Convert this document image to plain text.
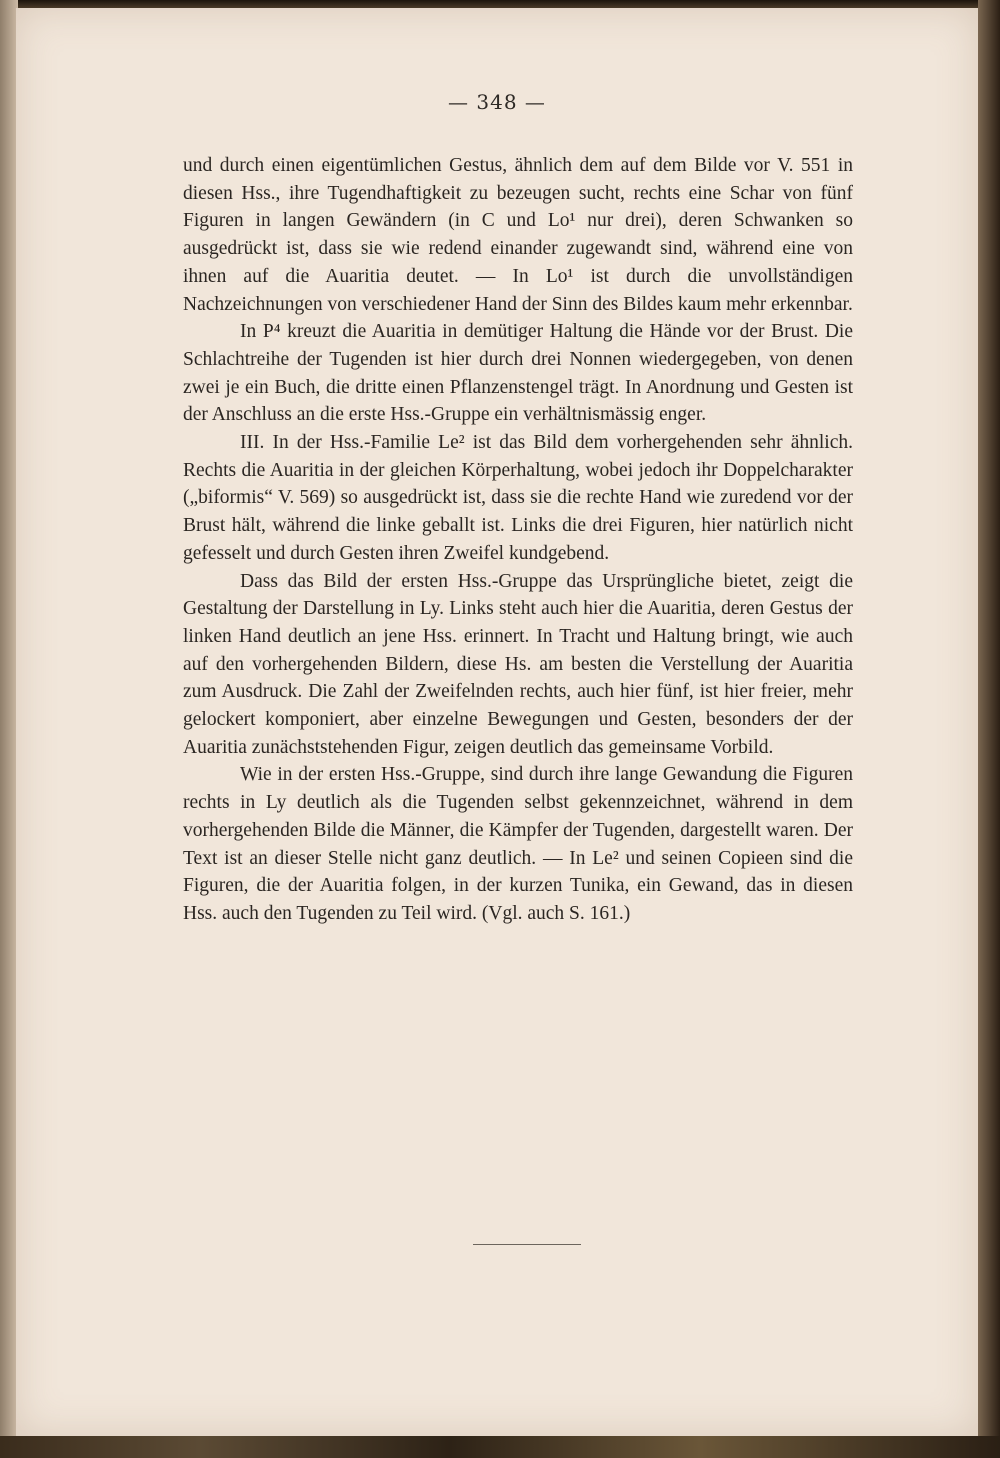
— 348 —

und durch einen eigentümlichen Gestus, ähnlich dem auf dem Bilde vor V. 551 in diesen Hss., ihre Tugendhaftigkeit zu bezeugen sucht, rechts eine Schar von fünf Figuren in langen Gewändern (in C und Lo¹ nur drei), deren Schwanken so ausgedrückt ist, dass sie wie redend einander zugewandt sind, während eine von ihnen auf die Auaritia deutet. — In Lo¹ ist durch die unvollständigen Nachzeichnungen von verschiedener Hand der Sinn des Bildes kaum mehr erkennbar.

In P⁴ kreuzt die Auaritia in demütiger Haltung die Hände vor der Brust. Die Schlachtreihe der Tugenden ist hier durch drei Nonnen wiedergegeben, von denen zwei je ein Buch, die dritte einen Pflanzenstengel trägt. In Anordnung und Gesten ist der Anschluss an die erste Hss.-Gruppe ein verhältnismässig enger.

III. In der Hss.-Familie Le² ist das Bild dem vorhergehenden sehr ähnlich. Rechts die Auaritia in der gleichen Körperhaltung, wobei jedoch ihr Doppelcharakter („biformis“ V. 569) so ausgedrückt ist, dass sie die rechte Hand wie zuredend vor der Brust hält, während die linke geballt ist. Links die drei Figuren, hier natürlich nicht gefesselt und durch Gesten ihren Zweifel kundgebend.

Dass das Bild der ersten Hss.-Gruppe das Ursprüngliche bietet, zeigt die Gestaltung der Darstellung in Ly. Links steht auch hier die Auaritia, deren Gestus der linken Hand deutlich an jene Hss. erinnert. In Tracht und Haltung bringt, wie auch auf den vorhergehenden Bildern, diese Hs. am besten die Verstellung der Auaritia zum Ausdruck. Die Zahl der Zweifelnden rechts, auch hier fünf, ist hier freier, mehr gelockert komponiert, aber einzelne Bewegungen und Gesten, besonders der der Auaritia zunächststehenden Figur, zeigen deutlich das gemeinsame Vorbild.

Wie in der ersten Hss.-Gruppe, sind durch ihre lange Gewandung die Figuren rechts in Ly deutlich als die Tugenden selbst gekennzeichnet, während in dem vorhergehenden Bilde die Männer, die Kämpfer der Tugenden, dargestellt waren. Der Text ist an dieser Stelle nicht ganz deutlich. — In Le² und seinen Copieen sind die Figuren, die der Auaritia folgen, in der kurzen Tunika, ein Gewand, das in diesen Hss. auch den Tugenden zu Teil wird. (Vgl. auch S. 161.)
